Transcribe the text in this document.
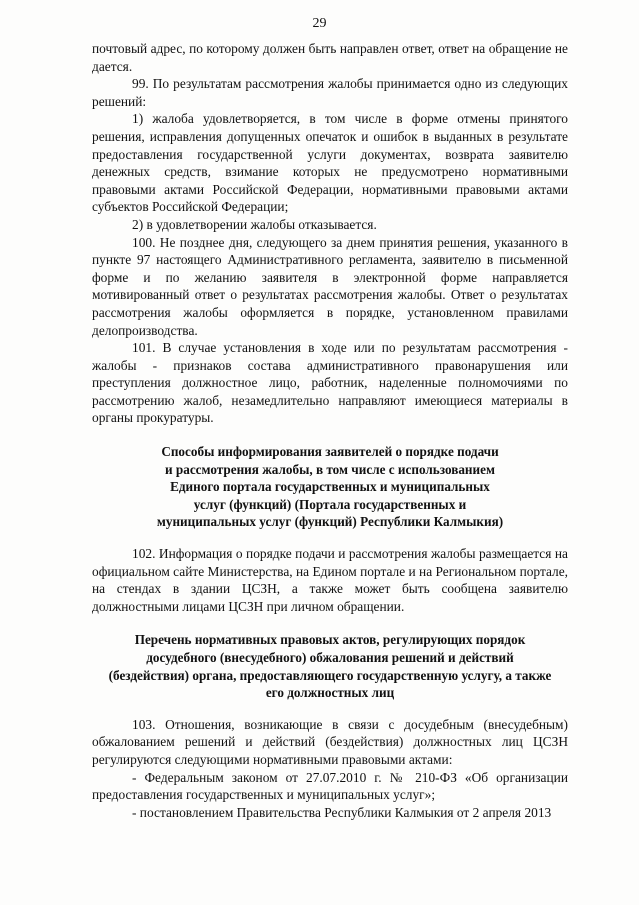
29

почтовый адрес, по которому должен быть направлен ответ, ответ на обращение не дается.

99. По результатам рассмотрения жалобы принимается одно из следующих решений:

1) жалоба удовлетворяется, в том числе в форме отмены принятого решения, исправления допущенных опечаток и ошибок в выданных в результате предоставления государственной услуги документах, возврата заявителю денежных средств, взимание которых не предусмотрено нормативными правовыми актами Российской Федерации, нормативными правовыми актами субъектов Российской Федерации;

2) в удовлетворении жалобы отказывается.

100. Не позднее дня, следующего за днем принятия решения, указанного в пункте 97 настоящего Административного регламента, заявителю в письменной форме и по желанию заявителя в электронной форме направляется мотивированный ответ о результатах рассмотрения жалобы. Ответ о результатах рассмотрения жалобы оформляется в порядке, установленном правилами делопроизводства.

101. В случае установления в ходе или по результатам рассмотрения - жалобы - признаков состава административного правонарушения или преступления должностное лицо, работник, наделенные полномочиями по рассмотрению жалоб, незамедлительно направляют имеющиеся материалы в органы прокуратуры.

Способы информирования заявителей о порядке подачи
и рассмотрения жалобы, в том числе с использованием
Единого портала государственных и муниципальных
услуг (функций) (Портала государственных и
муниципальных услуг (функций) Республики Калмыкия)

102. Информация о порядке подачи и рассмотрения жалобы размещается на официальном сайте Министерства, на Едином портале и на Региональном портале, на стендах в здании ЦСЗН, а также может быть сообщена заявителю должностными лицами ЦСЗН при личном обращении.

Перечень нормативных правовых актов, регулирующих порядок
досудебного (внесудебного) обжалования решений и действий
(бездействия) органа, предоставляющего государственную услугу, а также
его должностных лиц

103. Отношения, возникающие в связи с досудебным (внесудебным) обжалованием решений и действий (бездействия) должностных лиц ЦСЗН регулируются следующими нормативными правовыми актами:

- Федеральным законом от 27.07.2010 г. № 210-ФЗ «Об организации предоставления государственных и муниципальных услуг»;

- постановлением Правительства Республики Калмыкия от 2 апреля 2013
